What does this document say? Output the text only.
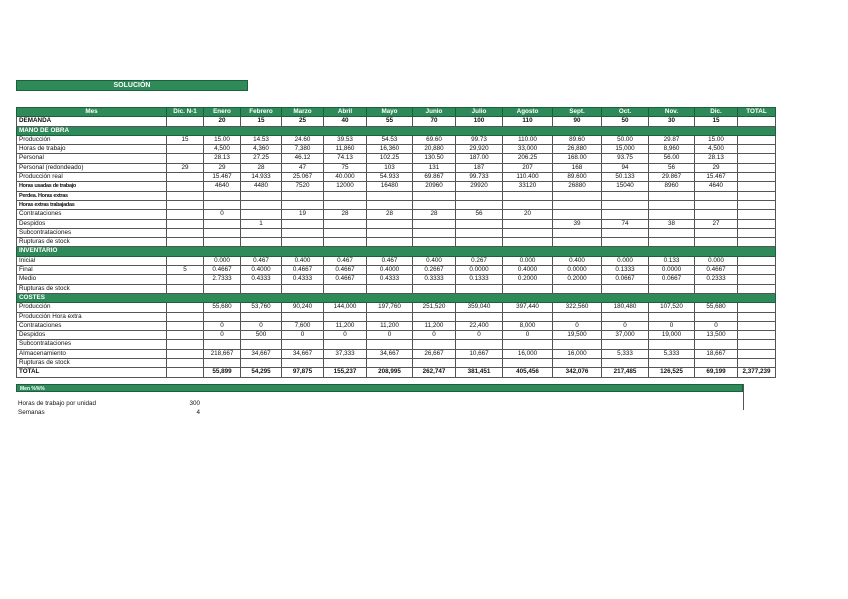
SOLUCIÓN
Mes	Dic. N-1	Enero	Febrero	Marzo	Abril	Mayo	Junio	Julio	Agosto	Sept.	Oct.	Nov.	Dic.	TOTAL
DEMANDA		20	15	25	40	55	70	100	110	90	50	30	15	
MANO DE OBRA														
Producción	15	15.00	14.53	24.60	39.53	54.53	69.60	99.73	110.00	89.60	50.00	29.87	15.00	
Horas de trabajo		4,500	4,360	7,380	11,860	16,360	20,880	29,920	33,000	26,880	15,000	8,960	4,500	
Personal		28.13	27.25	46.12	74.13	102.25	130.50	187.00	206.25	168.00	93.75	56.00	28.13	
Personal (redondeado)	29	29	28	47	75	103	131	187	207	168	94	56	29	
Producción real		15.467	14.933	25.067	40.000	54.933	69.867	99.733	110.400	89.600	50.133	29.867	15.467	
Horas usadas de trabajo		4640	4480	7520	12000	16480	20960	29920	33120	26880	15040	8960	4640	
Perdea. Horas extras														
Horas extras trabajadas														
Contrataciones		0		19	28	28	28	56	20					
Despidos			1							39	74	38	27	
Subcontrataciones														
Rupturas de stock														
INVENTARIO														
Inicial		0.000	0.467	0.400	0.467	0.467	0.400	0.267	0.000	0.400	0.000	0.133	0.000	
Final	5	0.4667	0.4000	0.4667	0.4667	0.4000	0.2667	0.0000	0.4000	0.0000	0.1333	0.0000	0.4667	
Medio		2.7333	0.4333	0.4333	0.4667	0.4333	0.3333	0.1333	0.2000	0.2000	0.0667	0.0667	0.2333	
Rupturas de stock														
COSTES														
Producción		55,680	53,760	90,240	144,000	197,760	251,520	359,040	397,440	322,560	180,480	107,520	55,680	
Producción Hora extra														
Contrataciones		0	0	7,600	11,200	11,200	11,200	22,400	8,000	0	0	0	0	
Despidos		0	500	0	0	0	0	0	0	19,500	37,000	19,000	13,500	
Subcontrataciones														
Almacenamiento		218,667	34,667	34,667	37,333	34,667	26,667	10,667	16,000	16,000	5,333	5,333	18,667	
Rupturas de stock														
TOTAL		55,899	54,295	97,875	155,237	208,995	262,747	381,451	405,456	342,076	217,485	126,525	69,199	2,377,239
Men %%%
Horas de trabajo por unidad	300
Semanas	4
